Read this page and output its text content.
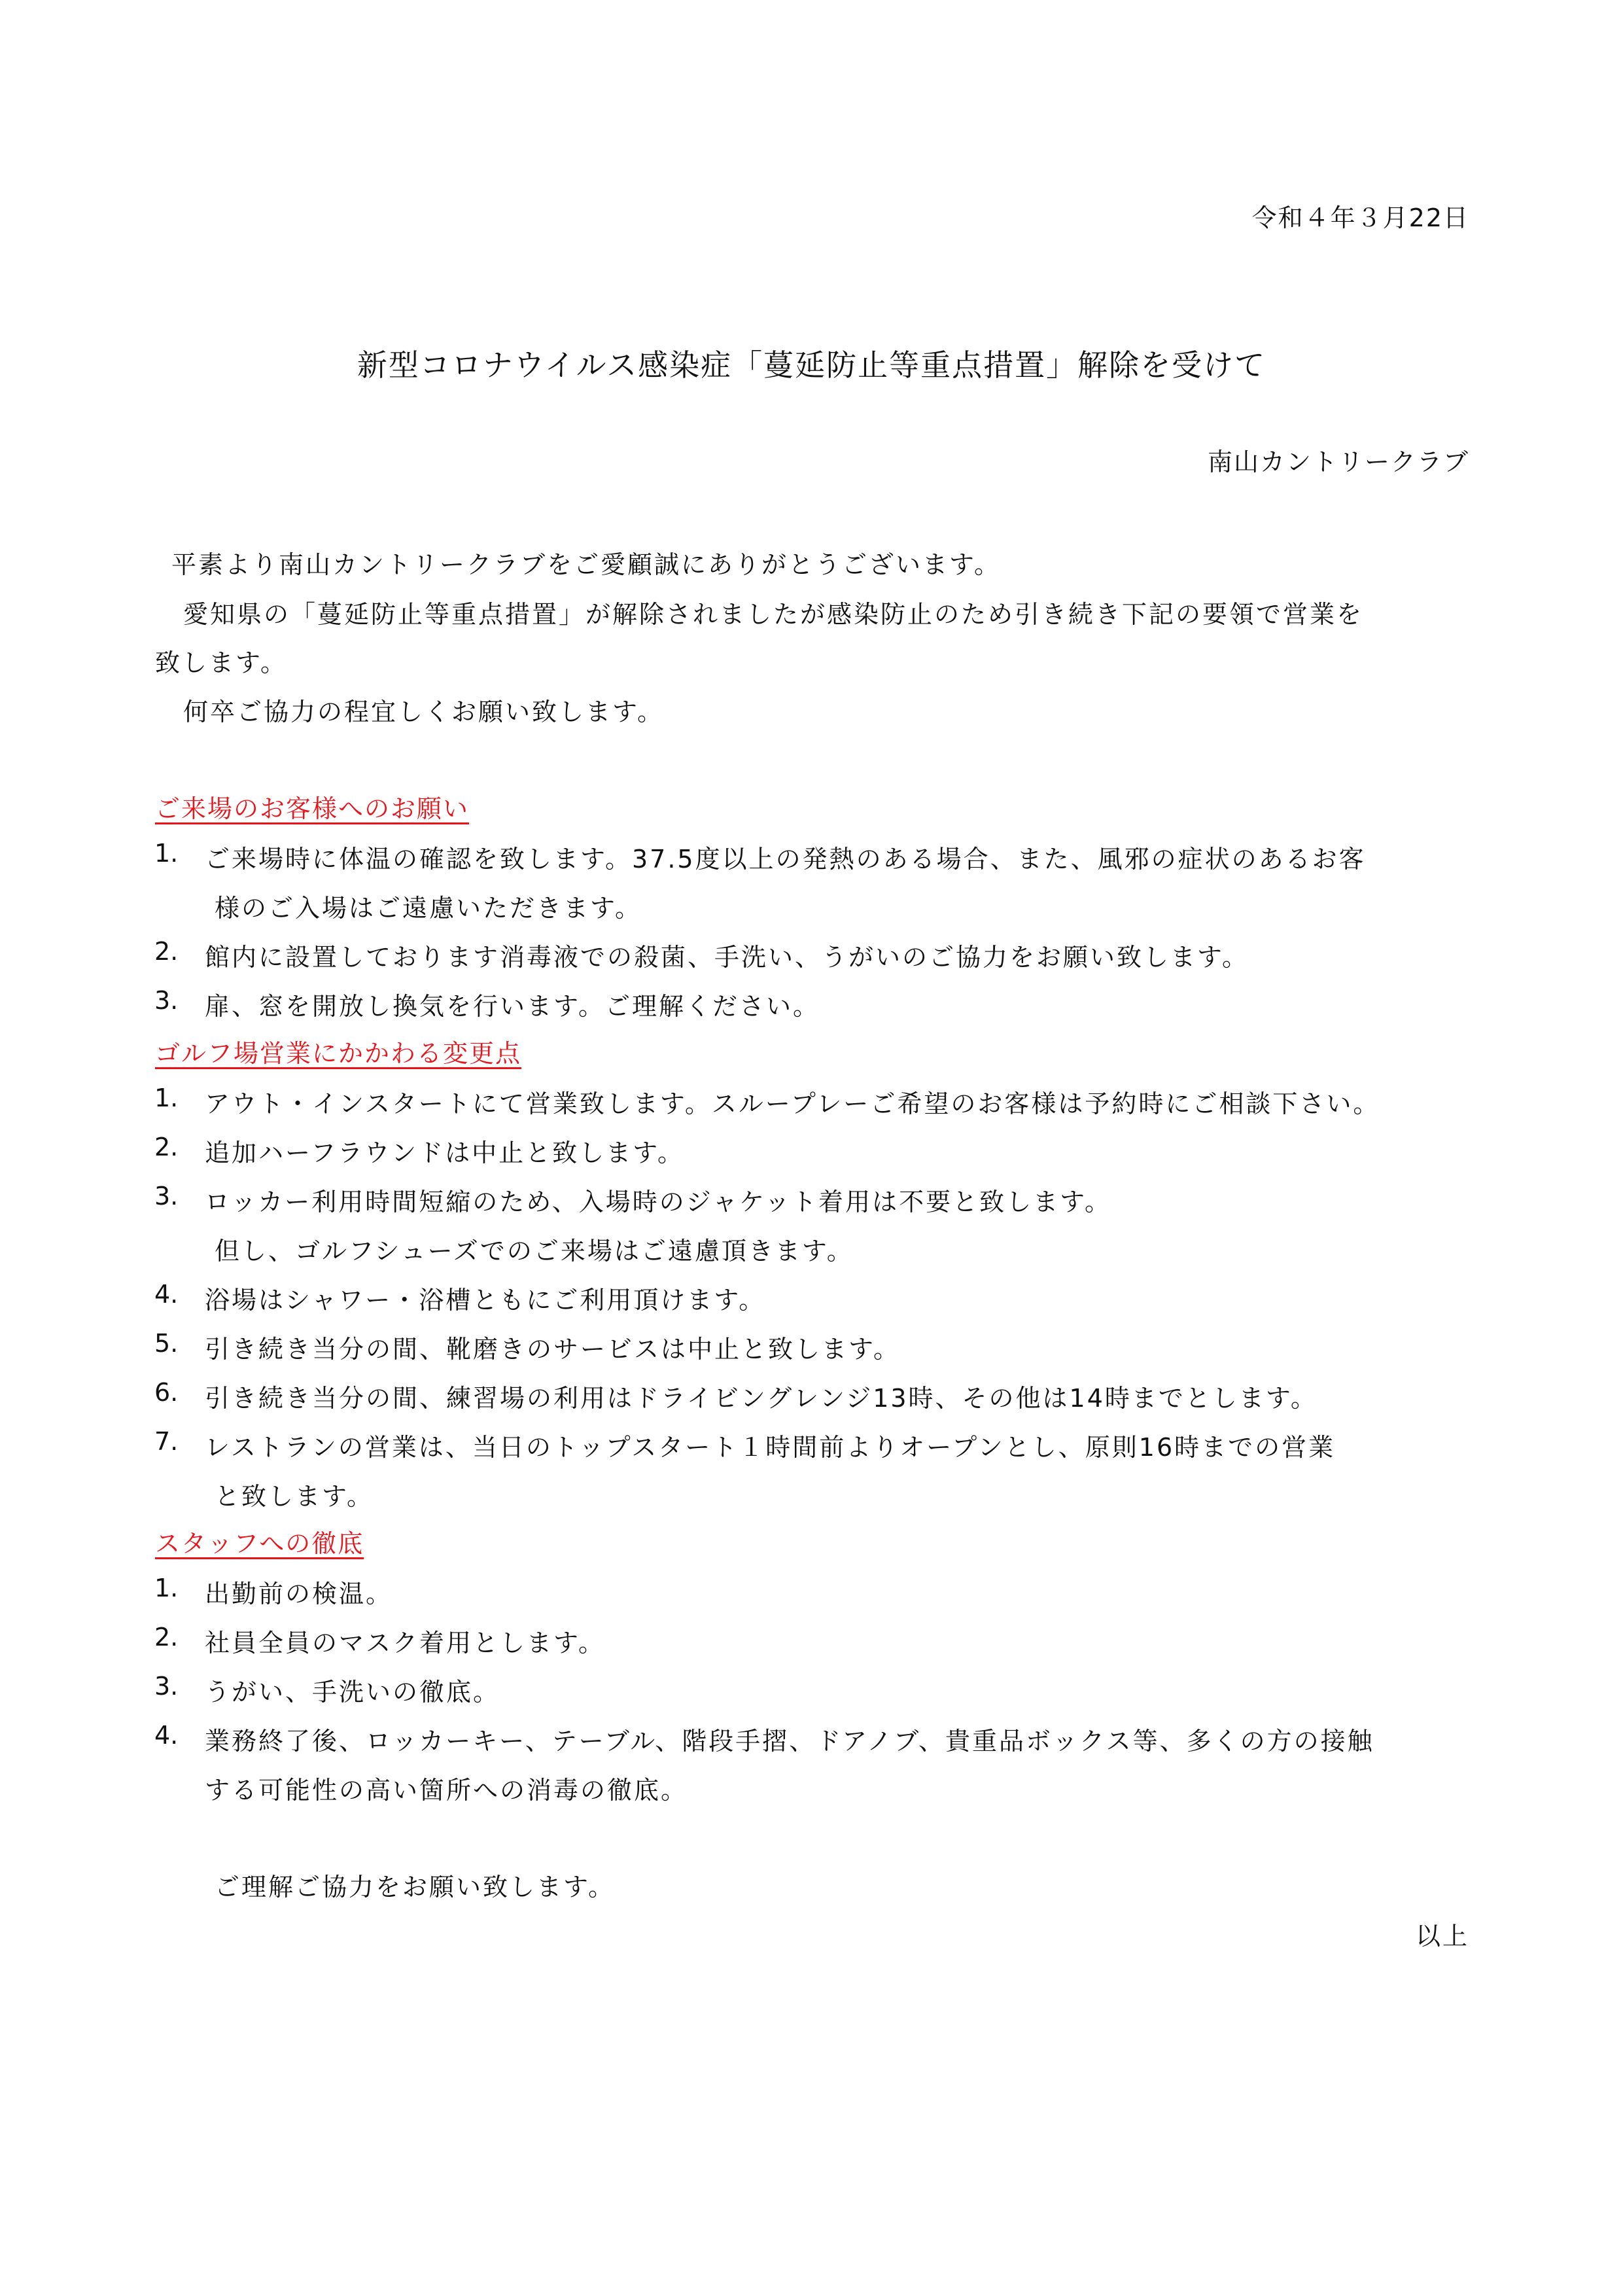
令和４年３月22日
新型コロナウイルス感染症「蔓延防止等重点措置」解除を受けて
南山カントリークラブ
平素より南山カントリークラブをご愛顧誠にありがとうございます。
愛知県の「蔓延防止等重点措置」が解除されましたが感染防止のため引き続き下記の要領で営業を
致します。
何卒ご協力の程宜しくお願い致します。
ご来場のお客様へのお願い
1. ご来場時に体温の確認を致します。37.5度以上の発熱のある場合、また、風邪の症状のあるお客
様のご入場はご遠慮いただきます。
2. 館内に設置しております消毒液での殺菌、手洗い、うがいのご協力をお願い致します。
3. 扉、窓を開放し換気を行います。ご理解ください。
ゴルフ場営業にかかわる変更点
1. アウト・インスタートにて営業致します。スループレーご希望のお客様は予約時にご相談下さい。
2. 追加ハーフラウンドは中止と致します。
3. ロッカー利用時間短縮のため、入場時のジャケット着用は不要と致します。
但し、ゴルフシューズでのご来場はご遠慮頂きます。
4. 浴場はシャワー・浴槽ともにご利用頂けます。
5. 引き続き当分の間、靴磨きのサービスは中止と致します。
6. 引き続き当分の間、練習場の利用はドライビングレンジ13時、その他は14時までとします。
7. レストランの営業は、当日のトップスタート１時間前よりオープンとし、原則16時までの営業
と致します。
スタッフへの徹底
1. 出勤前の検温。
2. 社員全員のマスク着用とします。
3. うがい、手洗いの徹底。
4. 業務終了後、ロッカーキー、テーブル、階段手摺、ドアノブ、貴重品ボックス等、多くの方の接触
する可能性の高い箇所への消毒の徹底。
ご理解ご協力をお願い致します。
以上
